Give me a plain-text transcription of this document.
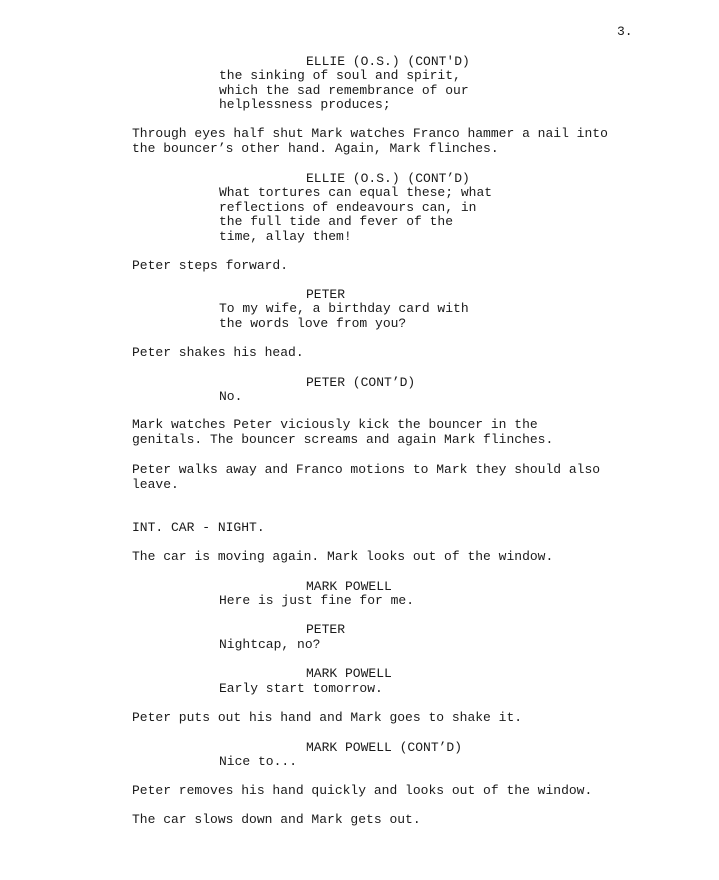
3.
ELLIE (O.S.) (CONT'D)
the sinking of soul and spirit,
which the sad remembrance of our
helplessness produces;
Through eyes half shut Mark watches Franco hammer a nail into
the bouncer’s other hand. Again, Mark flinches.
ELLIE (O.S.) (CONT’D)
What tortures can equal these; what
reflections of endeavours can, in
the full tide and fever of the
time, allay them!
Peter steps forward.
PETER
To my wife, a birthday card with
the words love from you?
Peter shakes his head.
PETER (CONT’D)
No.
Mark watches Peter viciously kick the bouncer in the
genitals. The bouncer screams and again Mark flinches.
Peter walks away and Franco motions to Mark they should also
leave.
INT. CAR - NIGHT.
The car is moving again. Mark looks out of the window.
MARK POWELL
Here is just fine for me.
PETER
Nightcap, no?
MARK POWELL
Early start tomorrow.
Peter puts out his hand and Mark goes to shake it.
MARK POWELL (CONT’D)
Nice to...
Peter removes his hand quickly and looks out of the window.
The car slows down and Mark gets out.
